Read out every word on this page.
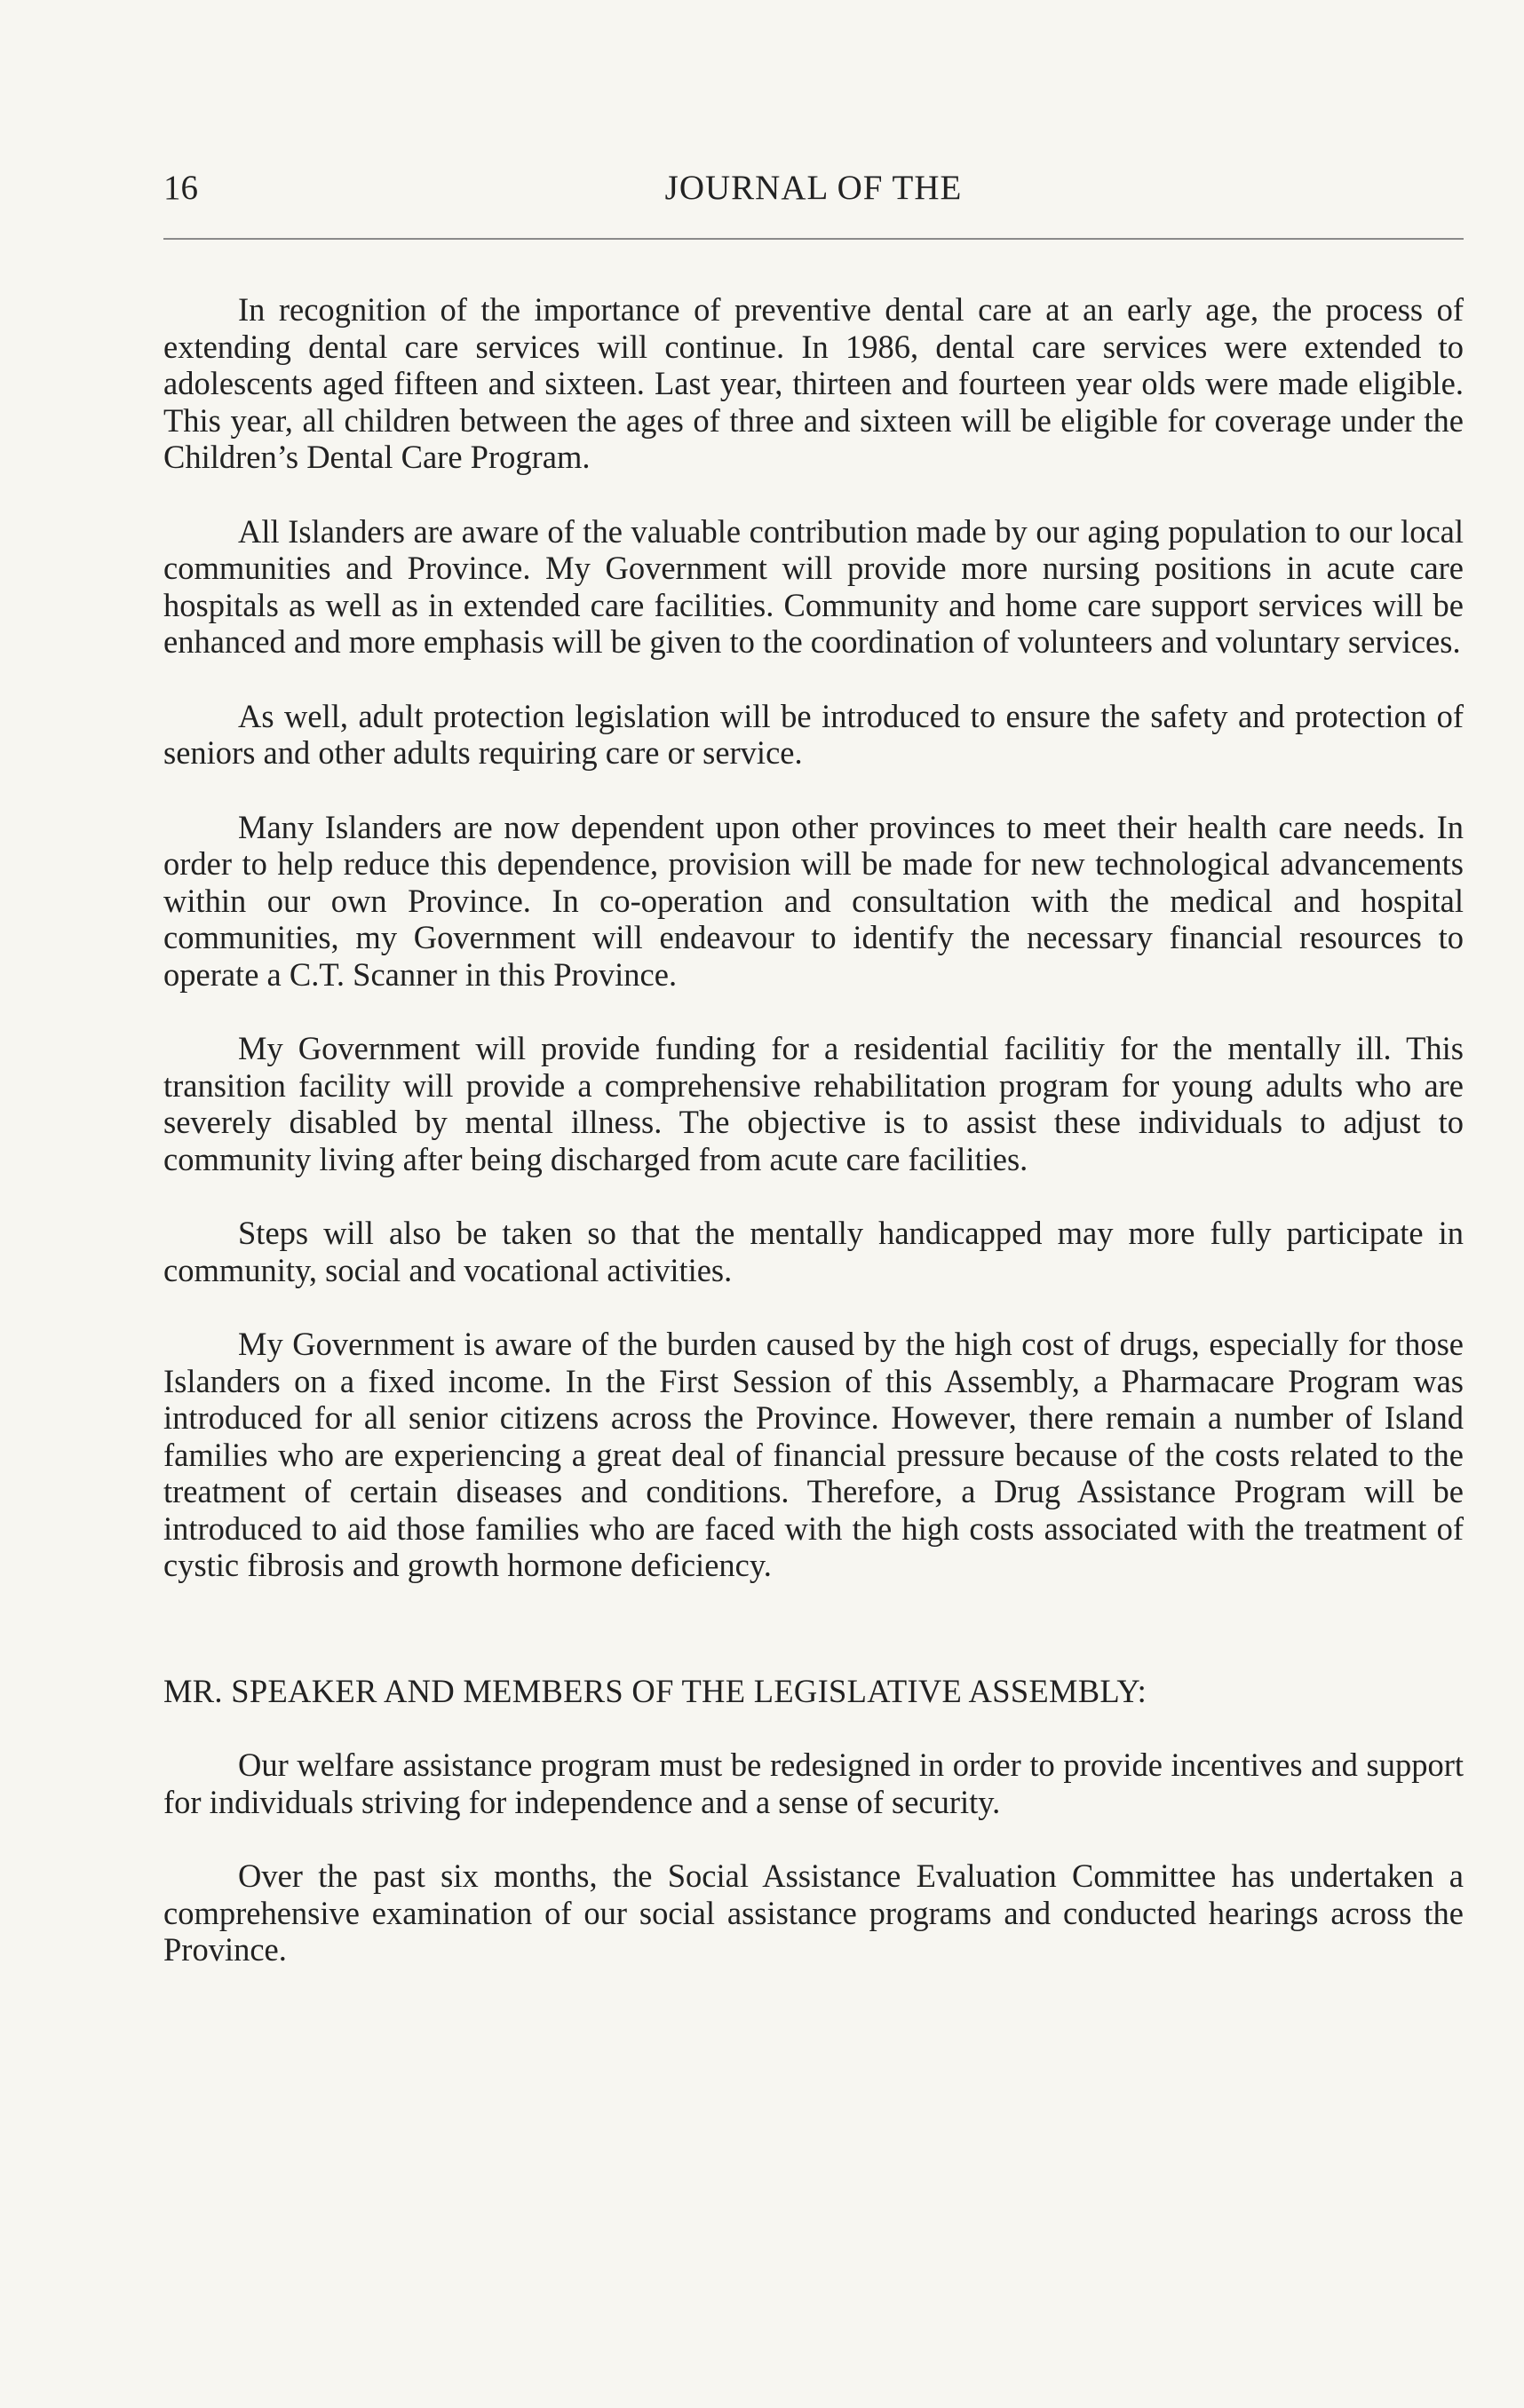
16	JOURNAL OF THE

In recognition of the importance of preventive dental care at an early age, the process of extending dental care services will continue. In 1986, dental care services were extended to adolescents aged fifteen and sixteen. Last year, thirteen and fourteen year olds were made eligible. This year, all children between the ages of three and sixteen will be eligible for coverage under the Children’s Dental Care Program.

All Islanders are aware of the valuable contribution made by our aging population to our local communities and Province. My Government will provide more nursing positions in acute care hospitals as well as in extended care facilities. Community and home care support services will be enhanced and more emphasis will be given to the coordination of volunteers and voluntary services.

As well, adult protection legislation will be introduced to ensure the safety and protection of seniors and other adults requiring care or service.

Many Islanders are now dependent upon other provinces to meet their health care needs. In order to help reduce this dependence, provision will be made for new technological advancements within our own Province. In co-operation and consultation with the medical and hospital communities, my Government will endeavour to identify the necessary financial resources to operate a C.T. Scanner in this Province.

My Government will provide funding for a residential facilitiy for the mentally ill. This transition facility will provide a comprehensive rehabilitation program for young adults who are severely disabled by mental illness. The objective is to assist these individuals to adjust to community living after being discharged from acute care facilities.

Steps will also be taken so that the mentally handicapped may more fully participate in community, social and vocational activities.

My Government is aware of the burden caused by the high cost of drugs, especially for those Islanders on a fixed income. In the First Session of this Assembly, a Pharmacare Program was introduced for all senior citizens across the Province. However, there remain a number of Island families who are experiencing a great deal of financial pressure because of the costs related to the treatment of certain diseases and conditions. Therefore, a Drug Assistance Program will be introduced to aid those families who are faced with the high costs associated with the treatment of cystic fibrosis and growth hormone deficiency.

MR. SPEAKER AND MEMBERS OF THE LEGISLATIVE ASSEMBLY:

Our welfare assistance program must be redesigned in order to provide incentives and support for individuals striving for independence and a sense of security.

Over the past six months, the Social Assistance Evaluation Committee has undertaken a comprehensive examination of our social assistance programs and conducted hearings across the Province.
